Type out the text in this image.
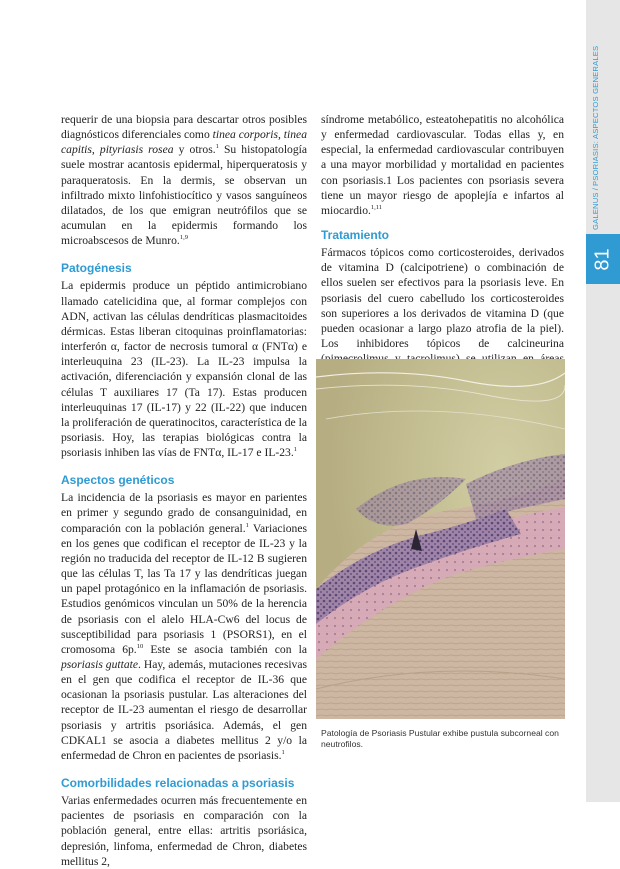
81
GALENUS/PSORIASIS: ASPECTOS GENERALES

requerir de una biopsia para descartar otros posibles diagnósticos diferenciales como tinea corporis, tinea capitis, pityriasis rosea y otros.$^1$ Su histopatología suele mostrar acantosis epidermal, hiperqueratosis y paraqueratosis. En la dermis, se observan un infiltrado mixto linfohistiocítico y vasos sanguíneos dilatados, de los que emigran neutrófilos que se acumulan en la epidermis formando los microabscesos de Munro.$^{1,9}$

Patogénesis

La epidermis produce un péptido antimicrobiano llamado catelicidina que, al formar complejos con ADN, activan las células dendríticas plasmacitoides dérmicas. Estas liberan citoquinas proinflamatorias: interferón α, factor de necrosis tumoral α (FNTα) e interleuquina 23 (IL-23). La IL-23 impulsa la activación, diferenciación y expansión clonal de las células T auxiliares 17 (Ta 17). Estas producen interleuquinas 17 (IL-17) y 22 (IL-22) que inducen la proliferación de queratinocitos, característica de la psoriasis. Hoy, las terapias biológicas contra la psoriasis inhiben las vías de FNTα, IL-17 e IL-23.$^1$

Aspectos genéticos

La incidencia de la psoriasis es mayor en parientes en primer y segundo grado de consanguinidad, en comparación con la población general.$^1$ Variaciones en los genes que codifican el receptor de IL-23 y la región no traducida del receptor de IL-12 B sugieren que las células T, las Ta 17 y las dendríticas juegan un papel protagónico en la inflamación de psoriasis. Estudios genómicos vinculan un 50% de la herencia de psoriasis con el alelo HLA-Cw6 del locus de susceptibilidad para psoriasis 1 (PSORS1), en el cromosoma 6p.$^{10}$ Este se asocia también con la psoriasis guttate. Hay, además, mutaciones recesivas en el gen que codifica el receptor de IL-36 que ocasionan la psoriasis pustular. Las alteraciones del receptor de IL-23 aumentan el riesgo de desarrollar psoriasis y artritis psoriásica. Además, el gen CDKAL1 se asocia a diabetes mellitus 2 y/o la enfermedad de Chron en pacientes de psoriasis.$^1$

Comorbilidades relacionadas a psoriasis

Varias enfermedades ocurren más frecuentemente en pacientes de psoriasis en comparación con la población general, entre ellas: artritis psoriásica, depresión, linfoma, enfermedad de Chron, diabetes mellitus 2,

síndrome metabólico, esteatohepatitis no alcohólica y enfermedad cardiovascular. Todas ellas y, en especial, la enfermedad cardiovascular contribuyen a una mayor morbilidad y mortalidad en pacientes con psoriasis.1 Los pacientes con psoriasis severa tiene un mayor riesgo de apoplejía e infartos al miocardio.$^{1,11}$

Tratamiento

Fármacos tópicos como corticosteroides, derivados de vitamina D (calcipotriene) o combinación de ellos suelen ser efectivos para la psoriasis leve. En psoriasis del cuero cabelludo los corticosteroides son superiores a los derivados de vitamina D (que pueden ocasionar a largo plazo atrofia de la piel). Los inhibidores tópicos de calcineurina

Patología de Psoriasis Pustular exhibe pustula subcorneal con neutrofilos.
